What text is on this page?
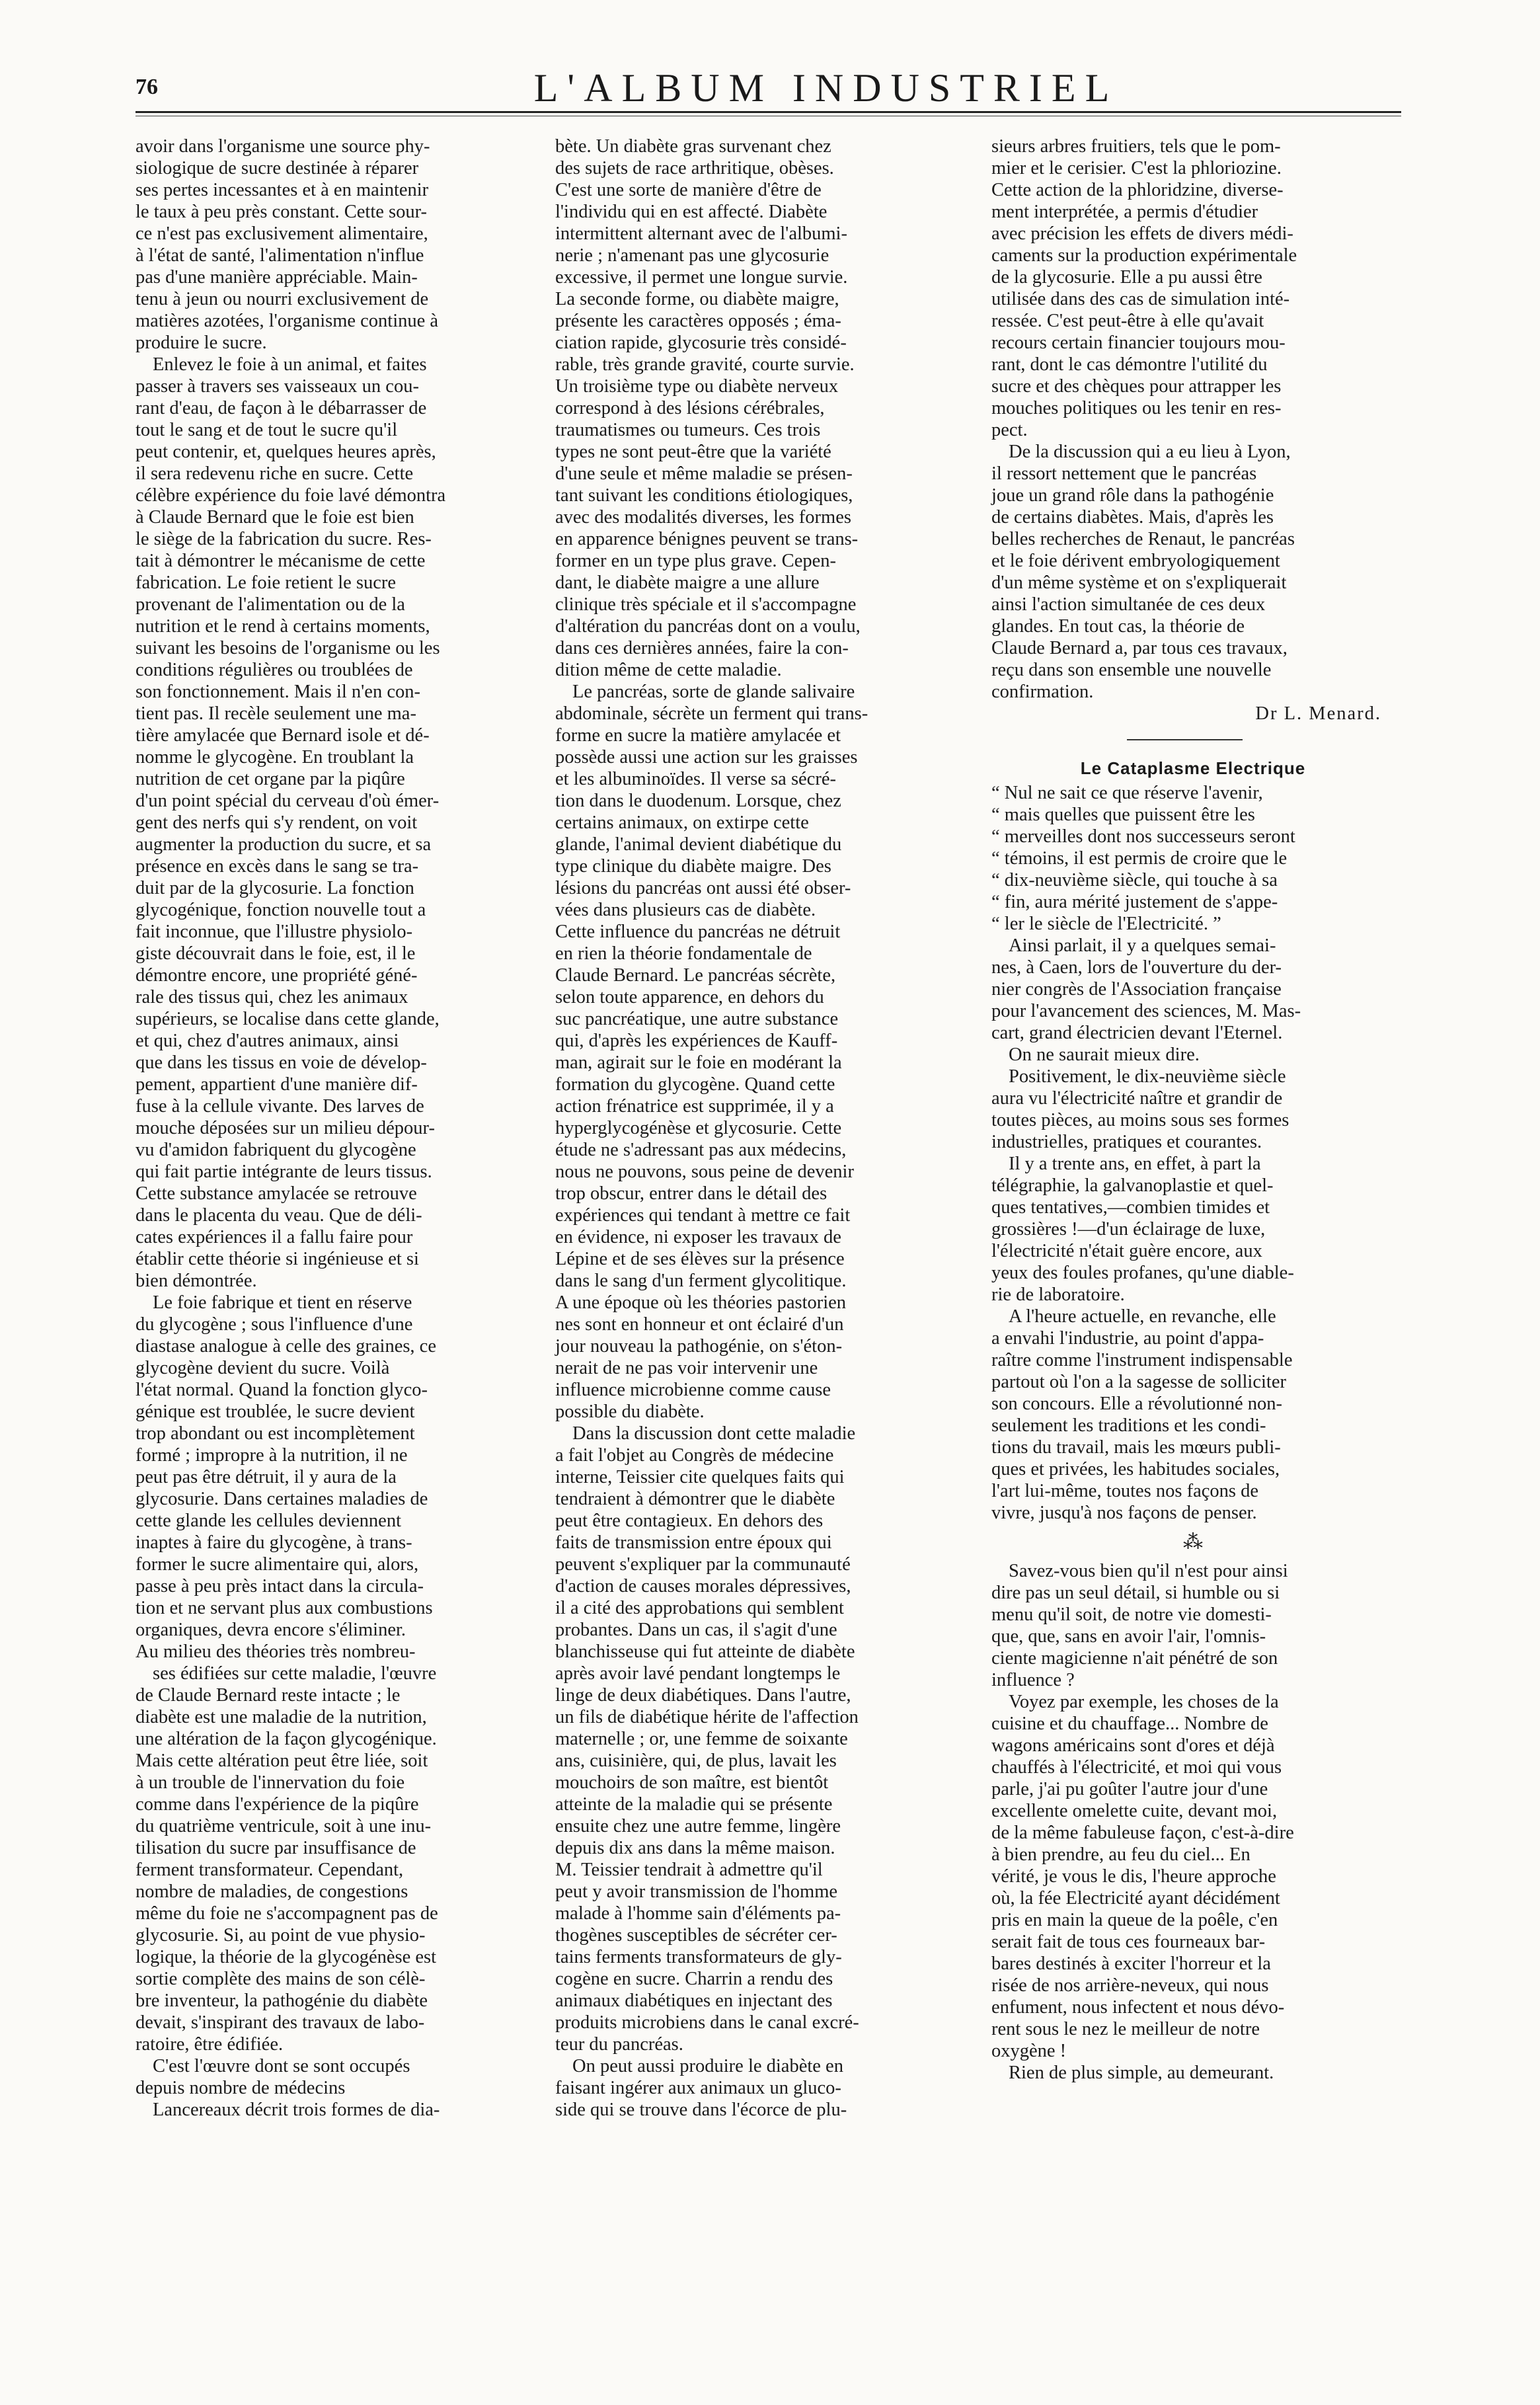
76	L'ALBUM INDUSTRIEL
avoir dans l'organisme une source phy-
siologique de sucre destinée à réparer
ses pertes incessantes et à en maintenir
le taux à peu près constant. Cette sour-
ce n'est pas exclusivement alimentaire,
à l'état de santé, l'alimentation n'influe
pas d'une manière appréciable. Main-
tenu à jeun ou nourri exclusivement de
matières azotées, l'organisme continue à
produire le sucre.
Enlevez le foie à un animal, et faites
passer à travers ses vaisseaux un cou-
rant d'eau, de façon à le débarrasser de
tout le sang et de tout le sucre qu'il
peut contenir, et, quelques heures après,
il sera redevenu riche en sucre. Cette
célèbre expérience du foie lavé démontra
à Claude Bernard que le foie est bien
le siège de la fabrication du sucre. Res-
tait à démontrer le mécanisme de cette
fabrication. Le foie retient le sucre
provenant de l'alimentation ou de la
nutrition et le rend à certains moments,
suivant les besoins de l'organisme ou les
conditions régulières ou troublées de
son fonctionnement. Mais il n'en con-
tient pas. Il recèle seulement une ma-
tière amylacée que Bernard isole et dé-
nomme le glycogène. En troublant la
nutrition de cet organe par la piqûre
d'un point spécial du cerveau d'où émer-
gent des nerfs qui s'y rendent, on voit
augmenter la production du sucre, et sa
présence en excès dans le sang se tra-
duit par de la glycosurie. La fonction
glycogénique, fonction nouvelle tout a
fait inconnue, que l'illustre physiolo-
giste découvrait dans le foie, est, il le
démontre encore, une propriété géné-
rale des tissus qui, chez les animaux
supérieurs, se localise dans cette glande,
et qui, chez d'autres animaux, ainsi
que dans les tissus en voie de dévelop-
pement, appartient d'une manière dif-
fuse à la cellule vivante. Des larves de
mouche déposées sur un milieu dépour-
vu d'amidon fabriquent du glycogène
qui fait partie intégrante de leurs tissus.
Cette substance amylacée se retrouve
dans le placenta du veau. Que de déli-
cates expériences il a fallu faire pour
établir cette théorie si ingénieuse et si
bien démontrée.
Le foie fabrique et tient en réserve
du glycogène ; sous l'influence d'une
diastase analogue à celle des graines, ce
glycogène devient du sucre. Voilà
l'état normal. Quand la fonction glyco-
génique est troublée, le sucre devient
trop abondant ou est incomplètement
formé ; impropre à la nutrition, il ne
peut pas être détruit, il y aura de la
glycosurie. Dans certaines maladies de
cette glande les cellules deviennent
inaptes à faire du glycogène, à trans-
former le sucre alimentaire qui, alors,
passe à peu près intact dans la circula-
tion et ne servant plus aux combustions
organiques, devra encore s'éliminer.
Au milieu des théories très nombreu-
ses édifiées sur cette maladie, l'œuvre
de Claude Bernard reste intacte ; le
diabète est une maladie de la nutrition,
une altération de la façon glycogénique.
Mais cette altération peut être liée, soit
à un trouble de l'innervation du foie
comme dans l'expérience de la piqûre
du quatrième ventricule, soit à une inu-
tilisation du sucre par insuffisance de
ferment transformateur. Cependant,
nombre de maladies, de congestions
même du foie ne s'accompagnent pas de
glycosurie. Si, au point de vue physio-
logique, la théorie de la glycogénèse est
sortie complète des mains de son célè-
bre inventeur, la pathogénie du diabète
devait, s'inspirant des travaux de labo-
ratoire, être édifiée.
C'est l'œuvre dont se sont occupés
depuis nombre de médecins
Lancereaux décrit trois formes de dia-
bète. Un diabète gras survenant chez
des sujets de race arthritique, obèses.
C'est une sorte de manière d'être de
l'individu qui en est affecté. Diabète
intermittent alternant avec de l'albumi-
nerie ; n'amenant pas une glycosurie
excessive, il permet une longue survie.
La seconde forme, ou diabète maigre,
présente les caractères opposés ; éma-
ciation rapide, glycosurie très considé-
rable, très grande gravité, courte survie.
Un troisième type ou diabète nerveux
correspond à des lésions cérébrales,
traumatismes ou tumeurs. Ces trois
types ne sont peut-être que la variété
d'une seule et même maladie se présen-
tant suivant les conditions étiologiques,
avec des modalités diverses, les formes
en apparence bénignes peuvent se trans-
former en un type plus grave. Cepen-
dant, le diabète maigre a une allure
clinique très spéciale et il s'accompagne
d'altération du pancréas dont on a voulu,
dans ces dernières années, faire la con-
dition même de cette maladie.
Le pancréas, sorte de glande salivaire
abdominale, sécrète un ferment qui trans-
forme en sucre la matière amylacée et
possède aussi une action sur les graisses
et les albuminoïdes. Il verse sa sécré-
tion dans le duodenum. Lorsque, chez
certains animaux, on extirpe cette
glande, l'animal devient diabétique du
type clinique du diabète maigre. Des
lésions du pancréas ont aussi été obser-
vées dans plusieurs cas de diabète.
Cette influence du pancréas ne détruit
en rien la théorie fondamentale de
Claude Bernard. Le pancréas sécrète,
selon toute apparence, en dehors du
suc pancréatique, une autre substance
qui, d'après les expériences de Kauff-
man, agirait sur le foie en modérant la
formation du glycogène. Quand cette
action frénatrice est supprimée, il y a
hyperglycogénèse et glycosurie. Cette
étude ne s'adressant pas aux médecins,
nous ne pouvons, sous peine de devenir
trop obscur, entrer dans le détail des
expériences qui tendant à mettre ce fait
en évidence, ni exposer les travaux de
Lépine et de ses élèves sur la présence
dans le sang d'un ferment glycolitique.
A une époque où les théories pastorien
nes sont en honneur et ont éclairé d'un
jour nouveau la pathogénie, on s'éton-
nerait de ne pas voir intervenir une
influence microbienne comme cause
possible du diabète.
Dans la discussion dont cette maladie
a fait l'objet au Congrès de médecine
interne, Teissier cite quelques faits qui
tendraient à démontrer que le diabète
peut être contagieux. En dehors des
faits de transmission entre époux qui
peuvent s'expliquer par la communauté
d'action de causes morales dépressives,
il a cité des approbations qui semblent
probantes. Dans un cas, il s'agit d'une
blanchisseuse qui fut atteinte de diabète
après avoir lavé pendant longtemps le
linge de deux diabétiques. Dans l'autre,
un fils de diabétique hérite de l'affection
maternelle ; or, une femme de soixante
ans, cuisinière, qui, de plus, lavait les
mouchoirs de son maître, est bientôt
atteinte de la maladie qui se présente
ensuite chez une autre femme, lingère
depuis dix ans dans la même maison.
M. Teissier tendrait à admettre qu'il
peut y avoir transmission de l'homme
malade à l'homme sain d'éléments pa-
thogènes susceptibles de sécréter cer-
tains ferments transformateurs de gly-
cogène en sucre. Charrin a rendu des
animaux diabétiques en injectant des
produits microbiens dans le canal excré-
teur du pancréas.
On peut aussi produire le diabète en
faisant ingérer aux animaux un gluco-
side qui se trouve dans l'écorce de plu-
sieurs arbres fruitiers, tels que le pom-
mier et le cerisier. C'est la phloriozine.
Cette action de la phloridzine, diverse-
ment interprétée, a permis d'étudier
avec précision les effets de divers médi-
caments sur la production expérimentale
de la glycosurie. Elle a pu aussi être
utilisée dans des cas de simulation inté-
ressée. C'est peut-être à elle qu'avait
recours certain financier toujours mou-
rant, dont le cas démontre l'utilité du
sucre et des chèques pour attrapper les
mouches politiques ou les tenir en res-
pect.
De la discussion qui a eu lieu à Lyon,
il ressort nettement que le pancréas
joue un grand rôle dans la pathogénie
de certains diabètes. Mais, d'après les
belles recherches de Renaut, le pancréas
et le foie dérivent embryologiquement
d'un même système et on s'expliquerait
ainsi l'action simultanée de ces deux
glandes. En tout cas, la théorie de
Claude Bernard a, par tous ces travaux,
reçu dans son ensemble une nouvelle
confirmation.
Dr L. Menard.
Le Cataplasme Electrique
“ Nul ne sait ce que réserve l'avenir,
“ mais quelles que puissent être les
“ merveilles dont nos successeurs seront
“ témoins, il est permis de croire que le
“ dix-neuvième siècle, qui touche à sa
“ fin, aura mérité justement de s'appe-
“ ler le siècle de l'Electricité. ”
Ainsi parlait, il y a quelques semai-
nes, à Caen, lors de l'ouverture du der-
nier congrès de l'Association française
pour l'avancement des sciences, M. Mas-
cart, grand électricien devant l'Eternel.
On ne saurait mieux dire.
Positivement, le dix-neuvième siècle
aura vu l'électricité naître et grandir de
toutes pièces, au moins sous ses formes
industrielles, pratiques et courantes.
Il y a trente ans, en effet, à part la
télégraphie, la galvanoplastie et quel-
ques tentatives,—combien timides et
grossières !—d'un éclairage de luxe,
l'électricité n'était guère encore, aux
yeux des foules profanes, qu'une diable-
rie de laboratoire.
A l'heure actuelle, en revanche, elle
a envahi l'industrie, au point d'appa-
raître comme l'instrument indispensable
partout où l'on a la sagesse de solliciter
son concours. Elle a révolutionné non-
seulement les traditions et les condi-
tions du travail, mais les mœurs publi-
ques et privées, les habitudes sociales,
l'art lui-même, toutes nos façons de
vivre, jusqu'à nos façons de penser.
⁂
Savez-vous bien qu'il n'est pour ainsi
dire pas un seul détail, si humble ou si
menu qu'il soit, de notre vie domesti-
que, que, sans en avoir l'air, l'omnis-
ciente magicienne n'ait pénétré de son
influence ?
Voyez par exemple, les choses de la
cuisine et du chauffage... Nombre de
wagons américains sont d'ores et déjà
chauffés à l'électricité, et moi qui vous
parle, j'ai pu goûter l'autre jour d'une
excellente omelette cuite, devant moi,
de la même fabuleuse façon, c'est-à-dire
à bien prendre, au feu du ciel... En
vérité, je vous le dis, l'heure approche
où, la fée Electricité ayant décidément
pris en main la queue de la poêle, c'en
serait fait de tous ces fourneaux bar-
bares destinés à exciter l'horreur et la
risée de nos arrière-neveux, qui nous
enfument, nous infectent et nous dévo-
rent sous le nez le meilleur de notre
oxygène !
Rien de plus simple, au demeurant.
